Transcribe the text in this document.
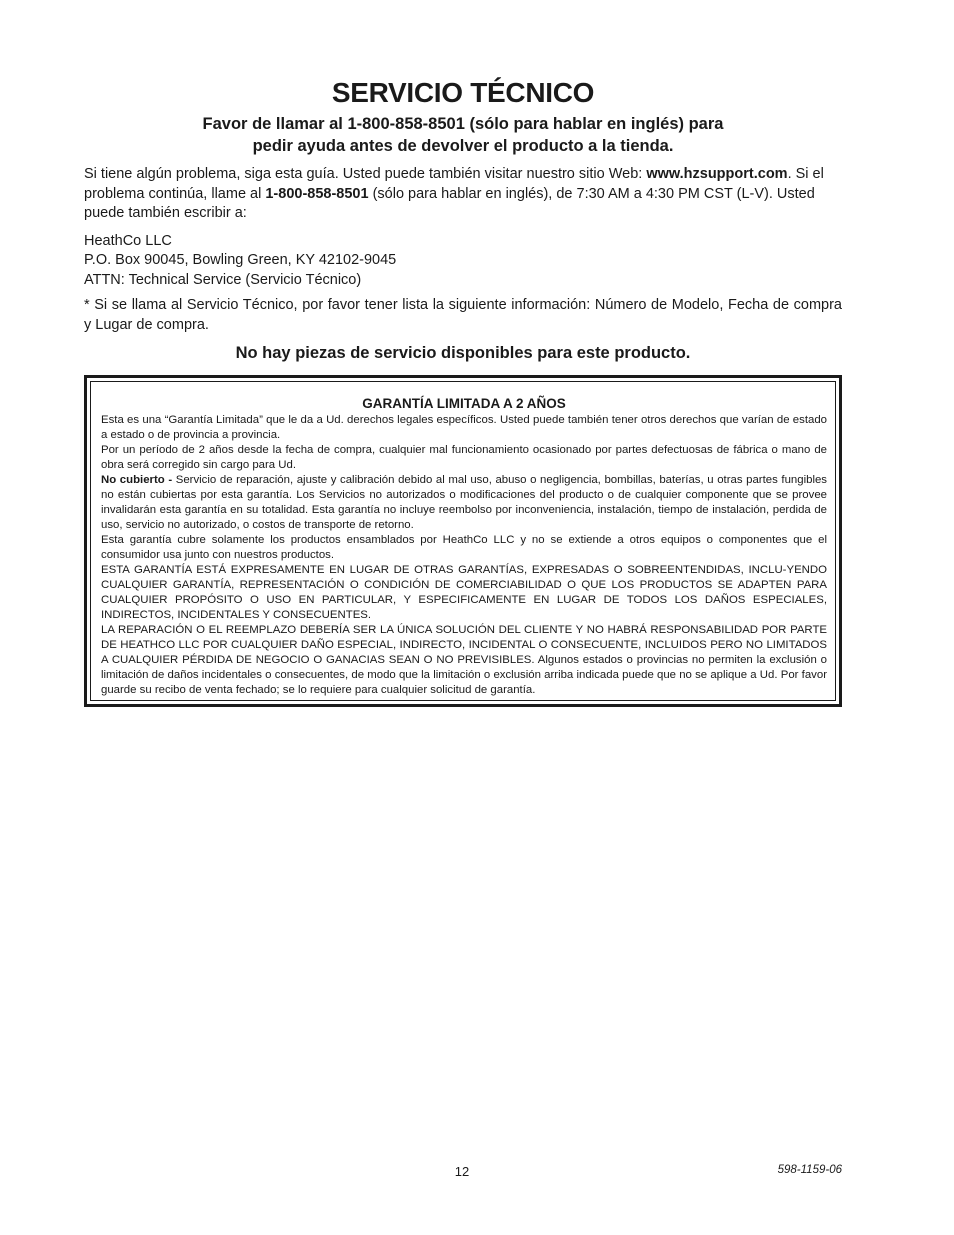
SERVICIO TÉCNICO
Favor de llamar al 1-800-858-8501 (sólo para hablar en inglés) para
pedir ayuda antes de devolver el producto a la tienda.

Si tiene algún problema, siga esta guía. Usted puede también visitar nuestro sitio Web: www.hzsupport.com. Si el problema continúa, llame al 1-800-858-8501 (sólo para hablar en inglés), de 7:30 AM a 4:30 PM CST (L-V). Usted puede también escribir a:

HeathCo LLC
P.O. Box 90045, Bowling Green, KY 42102-9045
ATTN: Technical Service (Servicio Técnico)

* Si se llama al Servicio Técnico, por favor tener lista la siguiente información: Número de Modelo, Fecha de compra y Lugar de compra.

No hay piezas de servicio disponibles para este producto.
GARANTÍA LIMITADA A 2 AÑOS

Esta es una “Garantía Limitada” que le da a Ud. derechos legales específicos. Usted puede también tener otros derechos que varían de estado a estado o de provincia a provincia.

Por un período de 2 años desde la fecha de compra, cualquier mal funcionamiento ocasionado por partes defectuosas de fábrica o mano de obra será corregido sin cargo para Ud.

No cubierto - Servicio de reparación, ajuste y calibración debido al mal uso, abuso o negligencia, bombillas, baterías, u otras partes fungibles no están cubiertas por esta garantía. Los Servicios no autorizados o modificaciones del producto o de cualquier componente que se provee invalidarán esta garantía en su totalidad. Esta garantía no incluye reembolso por inconveniencia, instalación, tiempo de instalación, perdida de uso, servicio no autorizado, o costos de transporte de retorno.

Esta garantía cubre solamente los productos ensamblados por HeathCo LLC y no se extiende a otros equipos o componentes que el consumidor usa junto con nuestros productos.

ESTA GARANTÍA ESTÁ EXPRESAMENTE EN LUGAR DE OTRAS GARANTÍAS, EXPRESADAS O SOBREENTENDIDAS, INCLU-YENDO CUALQUIER GARANTÍA, REPRESENTACIÓN O CONDICIÓN DE COMERCIABILIDAD O QUE LOS PRODUCTOS SE ADAPTEN PARA CUALQUIER PROPÓSITO O USO EN PARTICULAR, Y ESPECIFICAMENTE EN LUGAR DE TODOS LOS DAÑOS ESPECIALES, INDIRECTOS, INCIDENTALES Y CONSECUENTES.

LA REPARACIÓN O EL REEMPLAZO DEBERÍA SER LA ÚNICA SOLUCIÓN DEL CLIENTE Y NO HABRÁ RESPONSABILIDAD POR PARTE DE HEATHCO LLC POR CUALQUIER DAÑO ESPECIAL, INDIRECTO, INCIDENTAL O CONSECUENTE, INCLUIDOS PERO NO LIMITADOS A CUALQUIER PÉRDIDA DE NEGOCIO O GANACIAS SEAN O NO PREVISIBLES. Algunos estados o provincias no permiten la exclusión o limitación de daños incidentales o consecuentes, de modo que la limitación o exclusión arriba indicada puede que no se aplique a Ud. Por favor guarde su recibo de venta fechado; se lo requiere para cualquier solicitud de garantía.

12	598-1159-06
